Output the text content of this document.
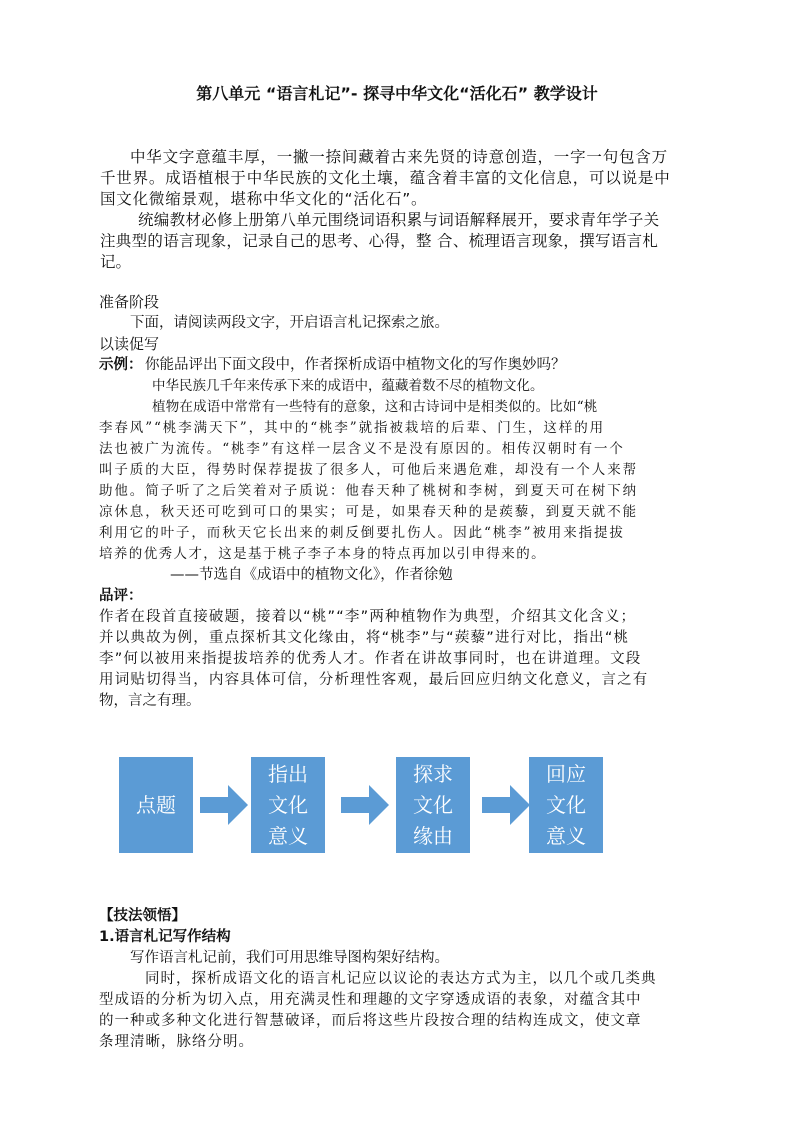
第八单元 “语言札记”- 探寻中华文化“活化石” 教学设计
中华文字意蕴丰厚，一撇一捺间藏着古来先贤的诗意创造，一字一句包含万
千世界。成语植根于中华民族的文化土壤，蕴含着丰富的文化信息，可以说是中
国文化微缩景观，堪称中华文化的“活化石”。
统编教材必修上册第八单元围绕词语积累与词语解释展开，要求青年学子关
注典型的语言现象，记录自己的思考、心得，整 合、梳理语言现象，撰写语言札
记。
准备阶段
下面，请阅读两段文字，开启语言札记探索之旅。
以读促写
示例： 你能品评出下面文段中，作者探析成语中植物文化的写作奥妙吗？
中华民族几千年来传承下来的成语中，蕴藏着数不尽的植物文化。
植物在成语中常常有一些特有的意象，这和古诗词中是相类似的。比如“桃
李春风”“桃李满天下”，其中的“桃李”就指被栽培的后辈、门生，这样的用
法也被广为流传。“桃李”有这样一层含义不是没有原因的。相传汉朝时有一个
叫子质的大臣，得势时保荐提拔了很多人，可他后来遇危难，却没有一个人来帮
助他。简子听了之后笑着对子质说：他春天种了桃树和李树，到夏天可在树下纳
凉休息，秋天还可吃到可口的果实；可是，如果春天种的是蒺藜，到夏天就不能
利用它的叶子，而秋天它长出来的刺反倒要扎伤人。因此“桃李”被用来指提拔
培养的优秀人才，这是基于桃子李子本身的特点再加以引申得来的。
——节选自《成语中的植物文化》，作者徐勉
品评：
作者在段首直接破题，接着以“桃”“李”两种植物作为典型，介绍其文化含义；
并以典故为例，重点探析其文化缘由，将“桃李”与“蒺藜”进行对比，指出“桃
李”何以被用来指提拔培养的优秀人才。作者在讲故事同时，也在讲道理。文段
用词贴切得当，内容具体可信，分析理性客观，最后回应归纳文化意义，言之有
物，言之有理。
点题
指出
文化
意义
探求
文化
缘由
回应
文化
意义
【技法领悟】
1.语言札记写作结构
写作语言札记前，我们可用思维导图构架好结构。
同时，探析成语文化的语言札记应以议论的表达方式为主，以几个或几类典
型成语的分析为切入点，用充满灵性和理趣的文字穿透成语的表象，对蕴含其中
的一种或多种文化进行智慧破译，而后将这些片段按合理的结构连成文，使文章
条理清晰，脉络分明。
